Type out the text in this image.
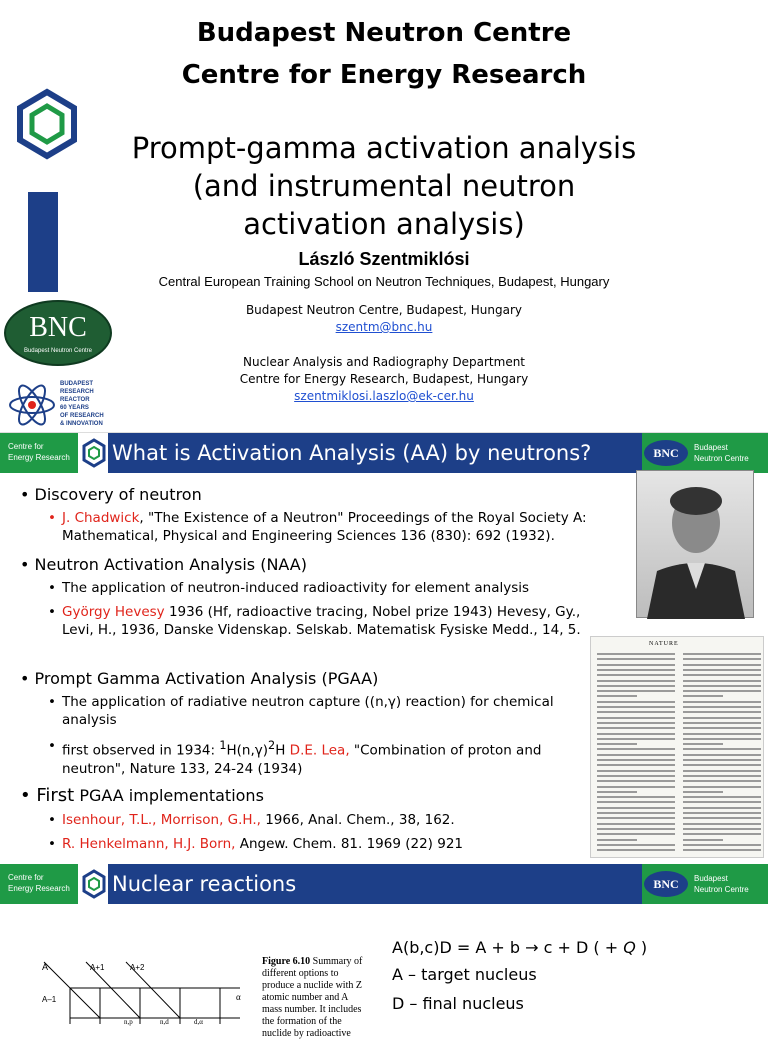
BNC
Budapest Neutron Centre
BUDAPEST
RESEARCH
REACTOR
60 YEARS
OF RESEARCH
& INNOVATION
Budapest Neutron Centre
Centre for Energy Research
Prompt-gamma activation analysis
(and instrumental neutron
activation analysis)
László Szentmiklósi
Central European Training School on Neutron Techniques, Budapest, Hungary
Budapest Neutron Centre, Budapest, Hungary
szentm@bnc.hu
Nuclear Analysis and Radiography Department
Centre for Energy Research, Budapest, Hungary
szentmiklosi.laszlo@ek-cer.hu
Centre for
Energy Research	What is Activation Analysis (AA) by neutrons?	Budapest
Neutron Centre
BNC
• Discovery of neutron
• J. Chadwick, "The Existence of a Neutron" Proceedings of the Royal Society A: Mathematical, Physical and Engineering Sciences 136 (830): 692 (1932).
• Neutron Activation Analysis (NAA)
• The application of neutron-induced radioactivity for element analysis
• György Hevesy 1936 (Hf, radioactive tracing, Nobel prize 1943) Hevesy, Gy., Levi, H., 1936, Danske Videnskap. Selskab. Matematisk Fysiske Medd., 14, 5.
• Prompt Gamma Activation Analysis (PGAA)
• The application of radiative neutron capture ((n,γ) reaction) for chemical analysis
• first observed in 1934: $^1H(n,\gamma)^2H$ D.E. Lea, "Combination of proton and neutron", Nature 133, 24-24 (1934)
• First PGAA implementations
• Isenhour, T.L., Morrison, G.H., 1966, Anal. Chem., 38, 162.
• R. Henkelmann, H.J. Born, Angew. Chem. 81. 1969 (22) 921
NATURE
Centre for
Energy Research	Nuclear reactions	Budapest
Neutron Centre
BNC
A	A+1	A+2
A–1	α
n,p	n,d	d,α
Figure 6.10 Summary of different options to produce a nuclide with Z atomic number and A mass number. It includes the formation of the nuclide by radioactive
A(b,c)D = A + b → c + D ( + Q )
A – target nucleus
D – final nucleus
